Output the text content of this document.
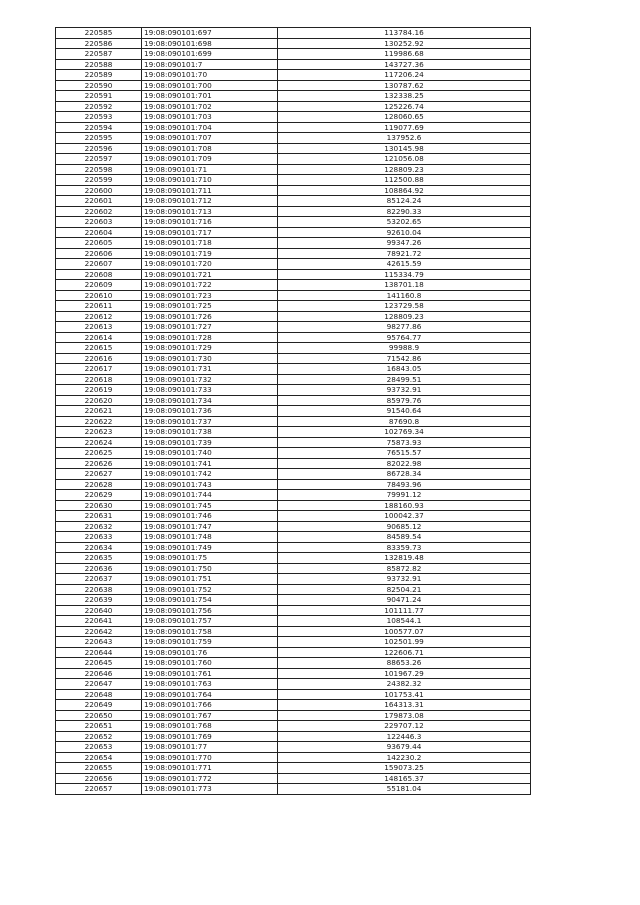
220585	19:08:090101:697	113784.16
220586	19:08:090101:698	130252.92
220587	19:08:090101:699	119986.68
220588	19:08:090101:7	143727.36
220589	19:08:090101:70	117206.24
220590	19:08:090101:700	130787.62
220591	19:08:090101:701	132338.25
220592	19:08:090101:702	125226.74
220593	19:08:090101:703	128060.65
220594	19:08:090101:704	119077.69
220595	19:08:090101:707	137952.6
220596	19:08:090101:708	130145.98
220597	19:08:090101:709	121056.08
220598	19:08:090101:71	128809.23
220599	19:08:090101:710	112500.88
220600	19:08:090101:711	108864.92
220601	19:08:090101:712	85124.24
220602	19:08:090101:713	82290.33
220603	19:08:090101:716	53202.65
220604	19:08:090101:717	92610.04
220605	19:08:090101:718	99347.26
220606	19:08:090101:719	78921.72
220607	19:08:090101:720	42615.59
220608	19:08:090101:721	115334.79
220609	19:08:090101:722	138701.18
220610	19:08:090101:723	141160.8
220611	19:08:090101:725	123729.58
220612	19:08:090101:726	128809.23
220613	19:08:090101:727	98277.86
220614	19:08:090101:728	95764.77
220615	19:08:090101:729	99988.9
220616	19:08:090101:730	71542.86
220617	19:08:090101:731	16843.05
220618	19:08:090101:732	28499.51
220619	19:08:090101:733	93732.91
220620	19:08:090101:734	85979.76
220621	19:08:090101:736	91540.64
220622	19:08:090101:737	87690.8
220623	19:08:090101:738	102769.34
220624	19:08:090101:739	75873.93
220625	19:08:090101:740	76515.57
220626	19:08:090101:741	82022.98
220627	19:08:090101:742	86728.34
220628	19:08:090101:743	78493.96
220629	19:08:090101:744	79991.12
220630	19:08:090101:745	188160.93
220631	19:08:090101:746	100042.37
220632	19:08:090101:747	90685.12
220633	19:08:090101:748	84589.54
220634	19:08:090101:749	83359.73
220635	19:08:090101:75	132819.48
220636	19:08:090101:750	85872.82
220637	19:08:090101:751	93732.91
220638	19:08:090101:752	82504.21
220639	19:08:090101:754	90471.24
220640	19:08:090101:756	101111.77
220641	19:08:090101:757	108544.1
220642	19:08:090101:758	100577.07
220643	19:08:090101:759	102501.99
220644	19:08:090101:76	122606.71
220645	19:08:090101:760	88653.26
220646	19:08:090101:761	101967.29
220647	19:08:090101:763	24382.32
220648	19:08:090101:764	101753.41
220649	19:08:090101:766	164313.31
220650	19:08:090101:767	179873.08
220651	19:08:090101:768	229707.12
220652	19:08:090101:769	122446.3
220653	19:08:090101:77	93679.44
220654	19:08:090101:770	142230.2
220655	19:08:090101:771	159073.25
220656	19:08:090101:772	148165.37
220657	19:08:090101:773	55181.04
